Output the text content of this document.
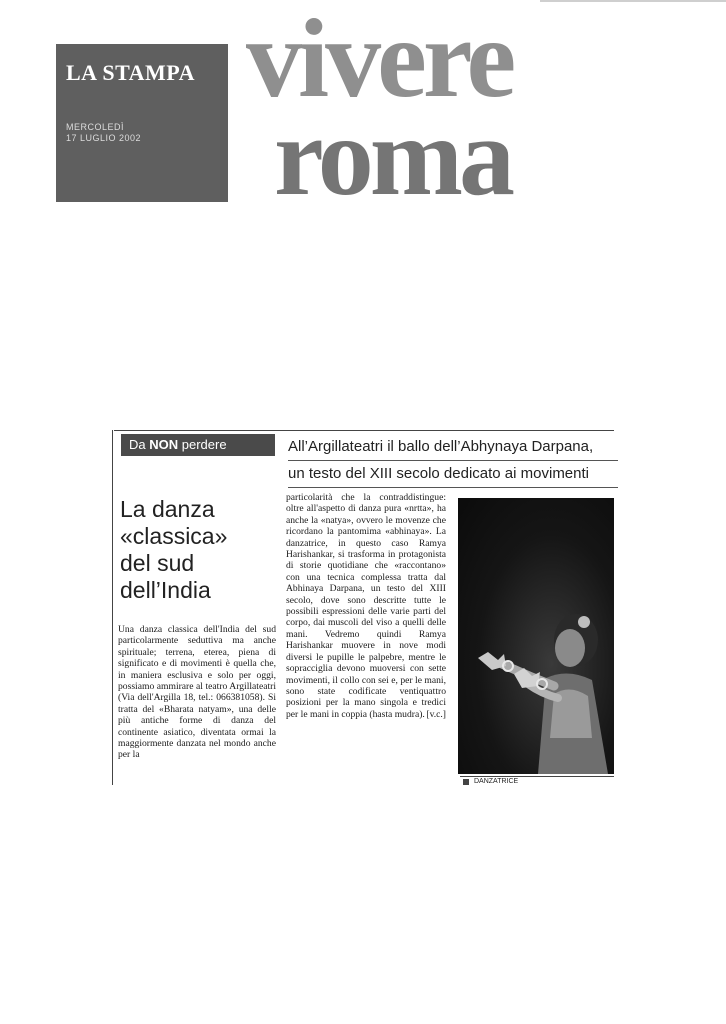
LA STAMPA
MERCOLEDÌ
17 LUGLIO 2002
vivere
roma
Da NON perdere	All’Argillateatri il ballo dell’Abhynaya Darpana,
un testo del XIII secolo dedicato ai movimenti
La danza
«classica»
del sud
dell’India
Una danza classica dell'India del sud particolarmente seduttiva ma anche spirituale; terrena, eterea, piena di significato e di movimenti è quella che, in maniera esclusiva e solo per oggi, possiamo ammirare al teatro Argillateatri (Via dell'Argilla 18, tel.: 066381058). Si tratta del «Bharata natyam», una delle più antiche forme di danza del continente asiatico, diventata ormai la maggiormente danzata nel mondo anche per la
particolarità che la contraddistingue: oltre all'aspetto di danza pura «nrtta», ha anche la «natya», ovvero le movenze che ricordano la pantomima «abhinaya». La danzatrice, in questo caso Ramya Harishankar, si trasforma in protagonista di storie quotidiane che «raccontano» con una tecnica complessa tratta dal Abhinaya Darpana, un testo del XIII secolo, dove sono descritte tutte le possibili espressioni delle varie parti del corpo, dai muscoli del viso a quelli delle mani. Vedremo quindi Ramya Harishankar muovere in nove modi diversi le pupille le palpebre, mentre le sopracciglia devono muoversi con sette movimenti, il collo con sei e, per le mani, sono state codificate ventiquattro posizioni per la mano singola e tredici per le mani in coppia (hasta mudra). [v.c.]
DANZATRICE
